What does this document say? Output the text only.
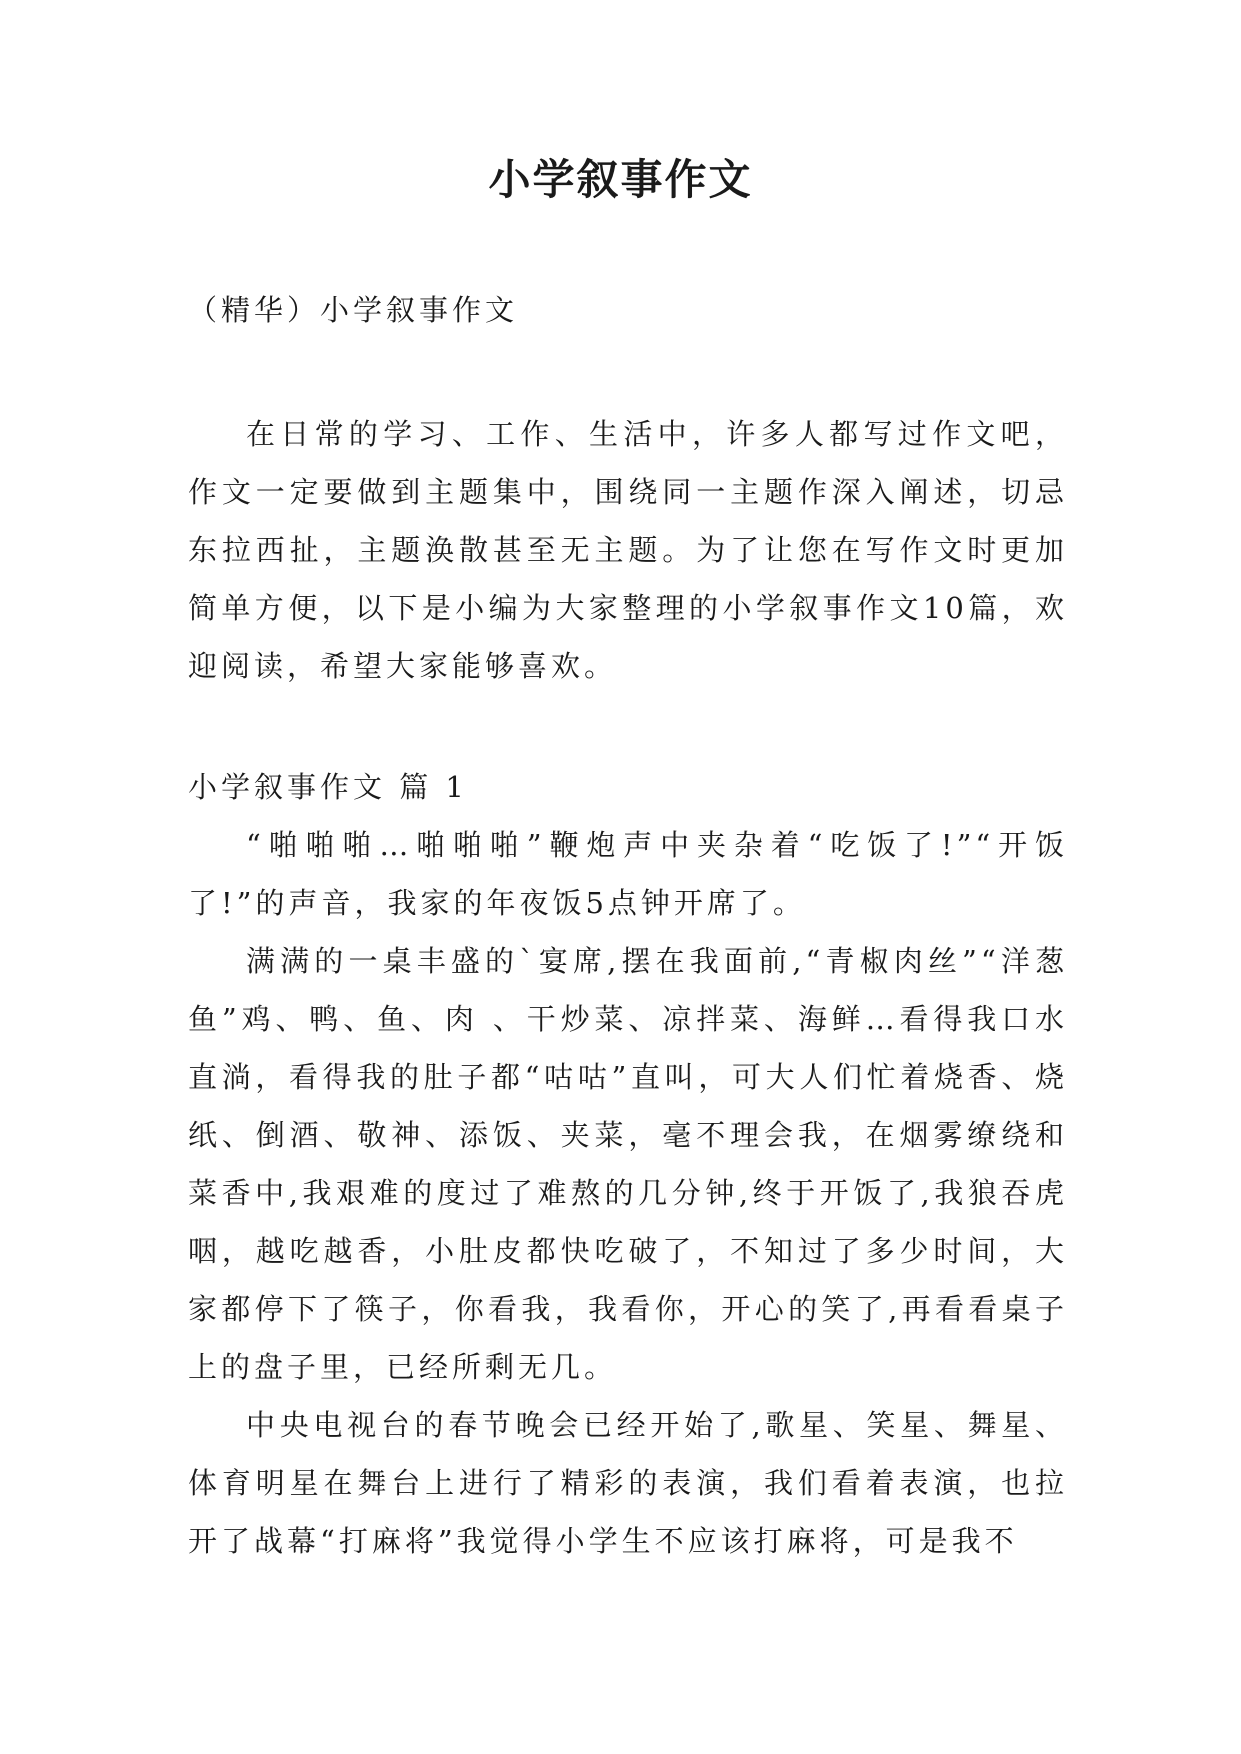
小学叙事作文
（精华）小学叙事作文

在日常的学习、工作、生活中，许多人都写过作文吧，作文一定要做到主题集中，围绕同一主题作深入阐述，切忌东拉西扯，主题涣散甚至无主题。为了让您在写作文时更加简单方便，以下是小编为大家整理的小学叙事作文10篇，欢迎阅读，希望大家能够喜欢。

小学叙事作文 篇 1

“啪啪啪…啪啪啪”鞭炮声中夹杂着“吃饭了!”“开饭了!”的声音，我家的年夜饭5点钟开席了。

满满的一桌丰盛的`宴席,摆在我面前,“青椒肉丝”“洋葱鱼”鸡、鸭、鱼、肉 、干炒菜、凉拌菜、海鲜…看得我口水直淌，看得我的肚子都“咕咕”直叫，可大人们忙着烧香、烧纸、倒酒、敬神、添饭、夹菜，毫不理会我，在烟雾缭绕和菜香中,我艰难的度过了难熬的几分钟,终于开饭了,我狼吞虎咽，越吃越香，小肚皮都快吃破了，不知过了多少时间，大家都停下了筷子，你看我，我看你，开心的笑了,再看看桌子上的盘子里，已经所剩无几。

中央电视台的春节晚会已经开始了,歌星、笑星、舞星、体育明星在舞台上进行了精彩的表演，我们看着表演，也拉开了战幕“打麻将”我觉得小学生不应该打麻将，可是我不
